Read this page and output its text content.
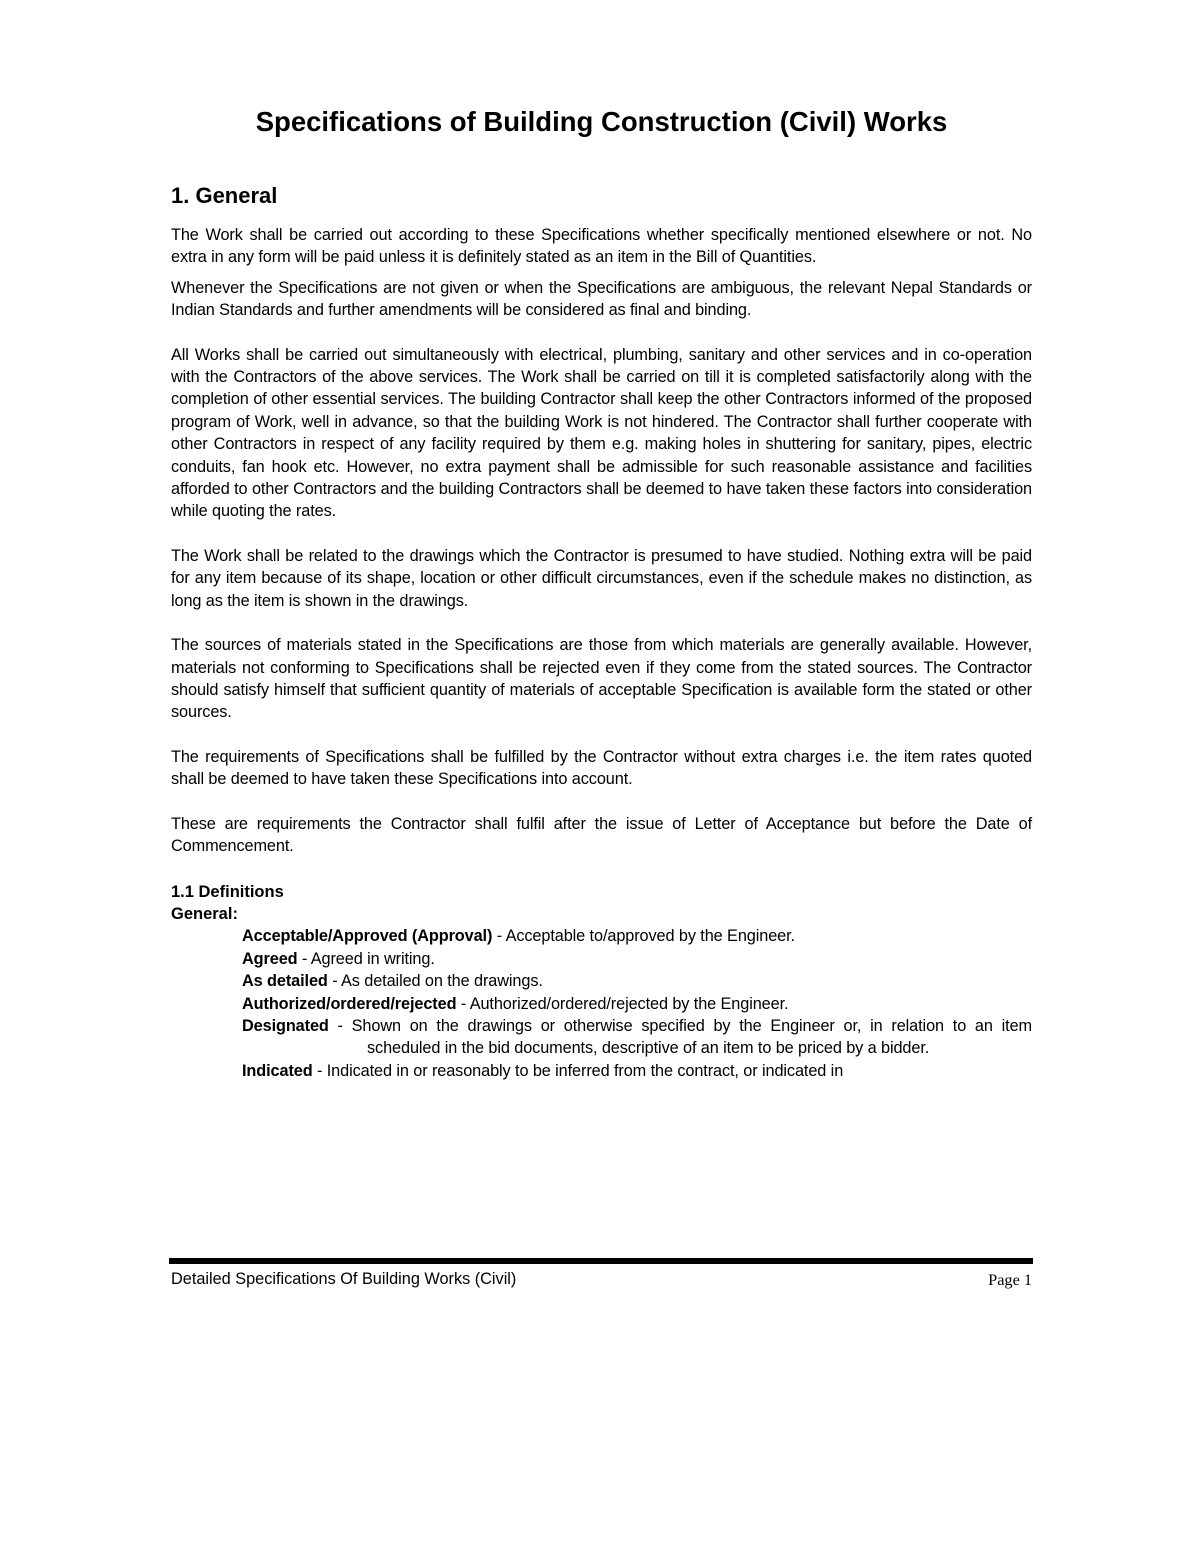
Specifications of Building Construction (Civil) Works
1. General

The Work shall be carried out according to these Specifications whether specifically mentioned elsewhere or not. No extra in any form will be paid unless it is definitely stated as an item in the Bill of Quantities.

Whenever the Specifications are not given or when the Specifications are ambiguous, the relevant Nepal Standards or Indian Standards and further amendments will be considered as final and binding.

All Works shall be carried out simultaneously with electrical, plumbing, sanitary and other services and in co-operation with the Contractors of the above services. The Work shall be carried on till it is completed satisfactorily along with the completion of other essential services. The building Contractor shall keep the other Contractors informed of the proposed program of Work, well in advance, so that the building Work is not hindered. The Contractor shall further cooperate with other Contractors in respect of any facility required by them e.g. making holes in shuttering for sanitary, pipes, electric conduits, fan hook etc. However, no extra payment shall be admissible for such reasonable assistance and facilities afforded to other Contractors and the building Contractors shall be deemed to have taken these factors into consideration while quoting the rates.

The Work shall be related to the drawings which the Contractor is presumed to have studied. Nothing extra will be paid for any item because of its shape, location or other difficult circumstances, even if the schedule makes no distinction, as long as the item is shown in the drawings.

The sources of materials stated in the Specifications are those from which materials are generally available. However, materials not conforming to Specifications shall be rejected even if they come from the stated sources. The Contractor should satisfy himself that sufficient quantity of materials of acceptable Specification is available form the stated or other sources.

The requirements of Specifications shall be fulfilled by the Contractor without extra charges i.e. the item rates quoted shall be deemed to have taken these Specifications into account.

These are requirements the Contractor shall fulfil after the issue of Letter of Acceptance but before the Date of Commencement.

1.1 Definitions
General:
Acceptable/Approved (Approval) - Acceptable to/approved by the Engineer.
Agreed - Agreed in writing.
As detailed - As detailed on the drawings.
Authorized/ordered/rejected - Authorized/ordered/rejected by the Engineer.
Designated - Shown on the drawings or otherwise specified by the Engineer or, in relation to an item scheduled in the bid documents, descriptive of an item to be priced by a bidder.
Indicated - Indicated in or reasonably to be inferred from the contract, or indicated in
Detailed Specifications Of Building Works (Civil)	Page 1
